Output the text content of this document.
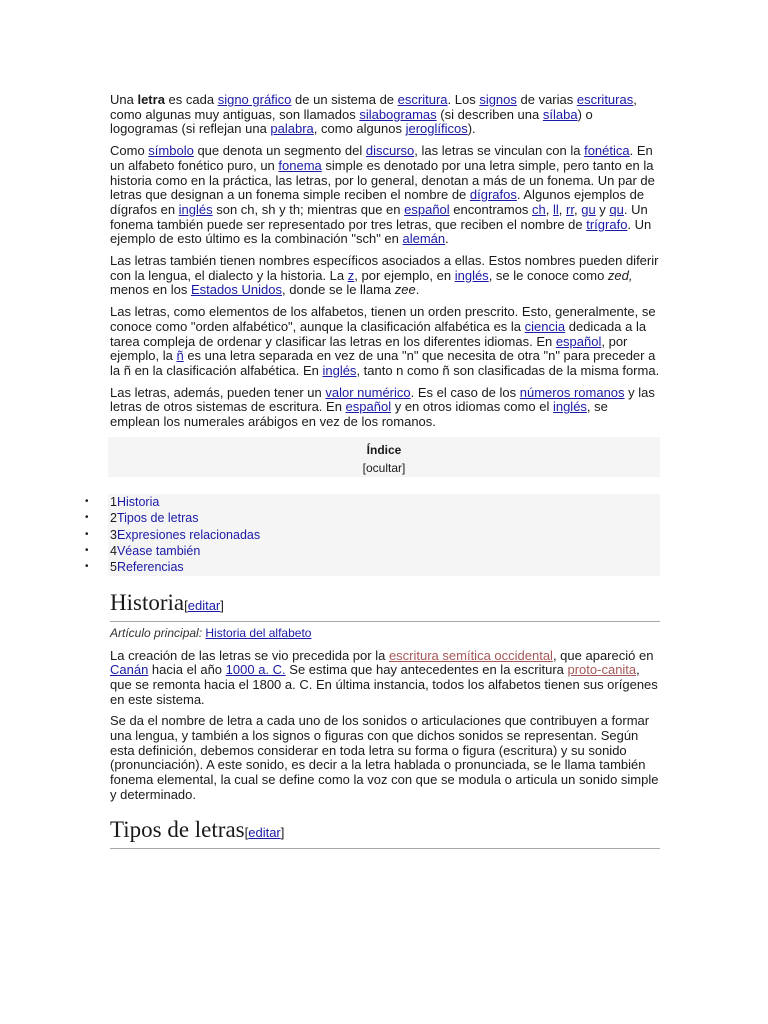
Una letra es cada signo gráfico de un sistema de escritura. Los signos de varias escrituras, como algunas muy antiguas, son llamados silabogramas (si describen una sílaba) o logogramas (si reflejan una palabra, como algunos jeroglíficos).

Como símbolo que denota un segmento del discurso, las letras se vinculan con la fonética. En un alfabeto fonético puro, un fonema simple es denotado por una letra simple, pero tanto en la historia como en la práctica, las letras, por lo general, denotan a más de un fonema. Un par de letras que designan a un fonema simple reciben el nombre de dígrafos. Algunos ejemplos de dígrafos en inglés son ch, sh y th; mientras que en español encontramos ch, ll, rr, gu y qu. Un fonema también puede ser representado por tres letras, que reciben el nombre de trígrafo. Un ejemplo de esto último es la combinación "sch" en alemán.

Las letras también tienen nombres específicos asociados a ellas. Estos nombres pueden diferir con la lengua, el dialecto y la historia. La z, por ejemplo, en inglés, se le conoce como zed, menos en los Estados Unidos, donde se le llama zee.

Las letras, como elementos de los alfabetos, tienen un orden prescrito. Esto, generalmente, se conoce como "orden alfabético", aunque la clasificación alfabética es la ciencia dedicada a la tarea compleja de ordenar y clasificar las letras en los diferentes idiomas. En español, por ejemplo, la ñ es una letra separada en vez de una "n" que necesita de otra "n" para preceder a la ñ en la clasificación alfabética. En inglés, tanto n como ñ son clasificadas de la misma forma.

Las letras, además, pueden tener un valor numérico. Es el caso de los números romanos y las letras de otros sistemas de escritura. En español y en otros idiomas como el inglés, se emplean los numerales arábigos en vez de los romanos.

Índice
[ocultar]
• 1Historia
• 2Tipos de letras
• 3Expresiones relacionadas
• 4Véase también
• 5Referencias
Historia[editar]
Artículo principal: Historia del alfabeto

La creación de las letras se vio precedida por la escritura semítica occidental, que apareció en Canán hacia el año 1000 a. C. Se estima que hay antecedentes en la escritura proto-canita, que se remonta hacia el 1800 a. C. En última instancia, todos los alfabetos tienen sus orígenes en este sistema.

Se da el nombre de letra a cada uno de los sonidos o articulaciones que contribuyen a formar una lengua, y también a los signos o figuras con que dichos sonidos se representan. Según esta definición, debemos considerar en toda letra su forma o figura (escritura) y su sonido (pronunciación). A este sonido, es decir a la letra hablada o pronunciada, se le llama también fonema elemental, la cual se define como la voz con que se modula o articula un sonido simple y determinado.

Tipos de letras[editar]
